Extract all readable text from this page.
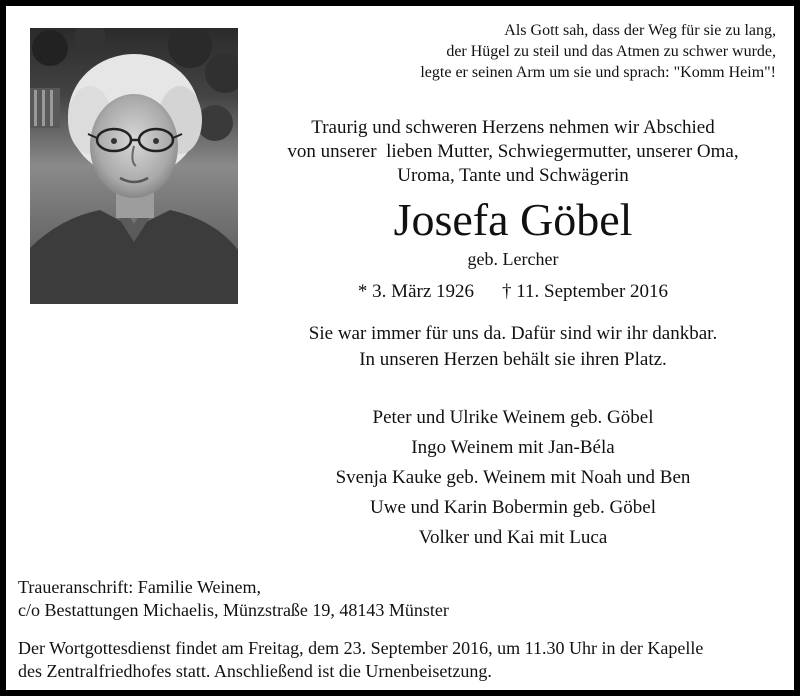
Als Gott sah, dass der Weg für sie zu lang,
der Hügel zu steil und das Atmen zu schwer wurde,
legte er seinen Arm um sie und sprach: "Komm Heim"!
Traurig und schweren Herzens nehmen wir Abschied
von unserer  lieben Mutter, Schwiegermutter, unserer Oma,
Uroma, Tante und Schwägerin
Josefa Göbel
geb. Lercher
* 3. März 1926 † 11. September 2016
Sie war immer für uns da. Dafür sind wir ihr dankbar.
In unseren Herzen behält sie ihren Platz.
Peter und Ulrike Weinem geb. Göbel
Ingo Weinem mit Jan-Béla
Svenja Kauke geb. Weinem mit Noah und Ben
Uwe und Karin Bobermin geb. Göbel
Volker und Kai mit Luca
Traueranschrift: Familie Weinem,
c/o Bestattungen Michaelis, Münzstraße 19, 48143 Münster
Der Wortgottesdienst findet am Freitag, dem 23. September 2016, um 11.30 Uhr in der Kapelle
des Zentralfriedhofes statt. Anschließend ist die Urnenbeisetzung.
